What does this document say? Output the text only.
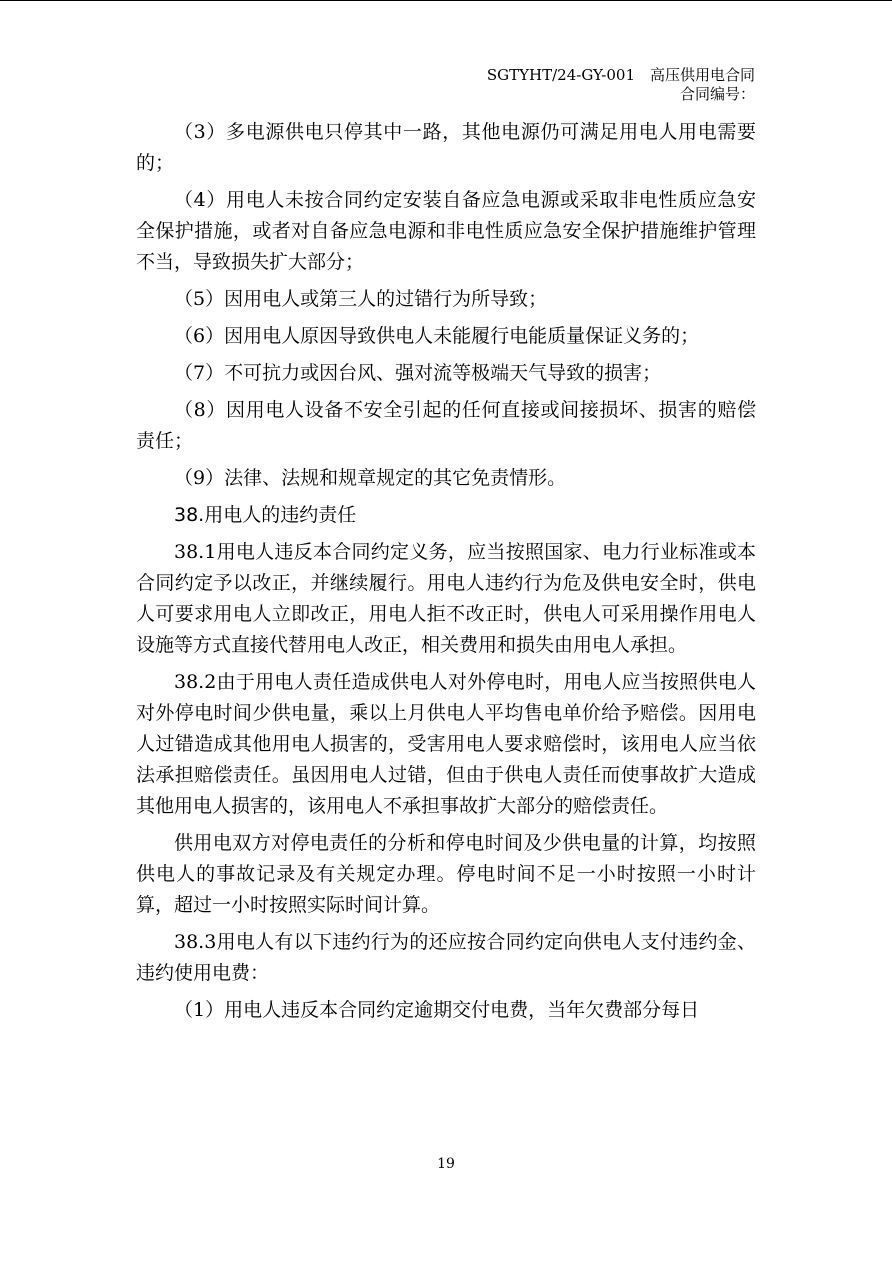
SGTYHT/24-GY-001　高压供用电合同
合同编号：

（3）多电源供电只停其中一路，其他电源仍可满足用电人用电需要的；

（4）用电人未按合同约定安装自备应急电源或采取非电性质应急安全保护措施，或者对自备应急电源和非电性质应急安全保护措施维护管理不当，导致损失扩大部分；

（5）因用电人或第三人的过错行为所导致；

（6）因用电人原因导致供电人未能履行电能质量保证义务的；

（7）不可抗力或因台风、强对流等极端天气导致的损害；

（8）因用电人设备不安全引起的任何直接或间接损坏、损害的赔偿责任；

（9）法律、法规和规章规定的其它免责情形。

38.用电人的违约责任

38.1用电人违反本合同约定义务，应当按照国家、电力行业标准或本合同约定予以改正，并继续履行。用电人违约行为危及供电安全时，供电人可要求用电人立即改正，用电人拒不改正时，供电人可采用操作用电人设施等方式直接代替用电人改正，相关费用和损失由用电人承担。

38.2由于用电人责任造成供电人对外停电时，用电人应当按照供电人对外停电时间少供电量，乘以上月供电人平均售电单价给予赔偿。因用电人过错造成其他用电人损害的，受害用电人要求赔偿时，该用电人应当依法承担赔偿责任。虽因用电人过错，但由于供电人责任而使事故扩大造成其他用电人损害的，该用电人不承担事故扩大部分的赔偿责任。

供用电双方对停电责任的分析和停电时间及少供电量的计算，均按照供电人的事故记录及有关规定办理。停电时间不足一小时按照一小时计算，超过一小时按照实际时间计算。

38.3用电人有以下违约行为的还应按合同约定向供电人支付违约金、违约使用电费：

（1）用电人违反本合同约定逾期交付电费，当年欠费部分每日

19
